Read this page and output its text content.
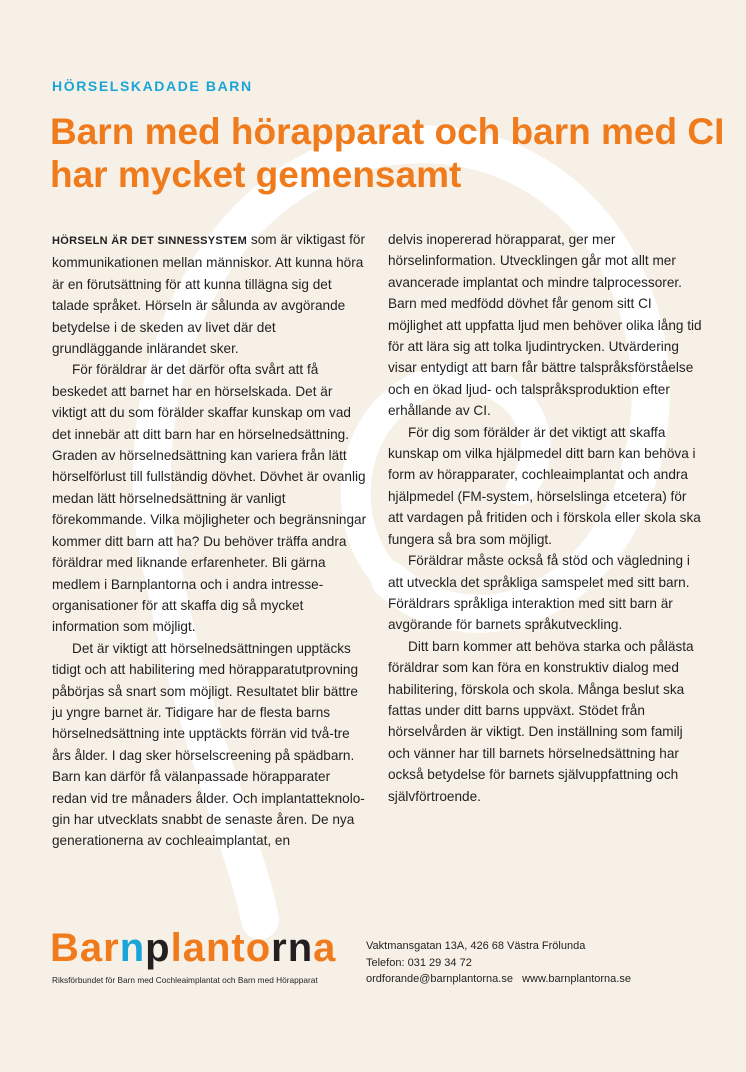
HÖRSELSKADADE BARN
Barn med hörapparat och barn med CI har mycket gemensamt

HÖRSELN ÄR DET SINNESSYSTEM som är viktigast för kommunikationen mellan människor. Att kunna höra är en förutsättning för att kunna tillägna sig det talade språket. Hörseln är sålunda av avgörande betydelse i de skeden av livet där det grundläggande inlärandet sker.

För föräldrar är det därför ofta svårt att få beskedet att barnet har en hörselskada. Det är viktigt att du som förälder skaffar kunskap om vad det innebär att ditt barn har en hörselnedsättning. Graden av hörselnedsättning kan variera från lätt hörselförlust till fullständig dövhet. Dövhet är ovanlig medan lätt hörselnedsättning är vanligt förekommande. Vilka möjligheter och begränsningar kommer ditt barn att ha? Du behöver träffa andra föräldrar med liknande erfarenheter. Bli gärna medlem i Barnplantorna och i andra intresseorganisationer för att skaffa dig så mycket information som möjligt.

Det är viktigt att hörselnedsättningen upptäcks tidigt och att habilitering med hörapparatutprovning påbörjas så snart som möjligt. Resultatet blir bättre ju yngre barnet är. Tidigare har de flesta barns hörselnedsättning inte upptäckts förrän vid två-tre års ålder. I dag sker hörselscreening på spädbarn. Barn kan därför få välanpassade hörapparater redan vid tre månaders ålder. Och implantatteknologin har utvecklats snabbt de senaste åren. De nya generationerna av cochleaimplantat, en

delvis inopererad hörapparat, ger mer hörselinformation. Utvecklingen går mot allt mer avancerade implantat och mindre talprocessorer. Barn med medfödd dövhet får genom sitt CI möjlighet att uppfatta ljud men behöver olika lång tid för att lära sig att tolka ljudintrycken. Utvärdering visar entydigt att barn får bättre talspråksförståelse och en ökad ljud- och talspråksproduktion efter erhållande av CI.

För dig som förälder är det viktigt att skaffa kunskap om vilka hjälpmedel ditt barn kan behöva i form av hörapparater, cochleaimplantat och andra hjälpmedel (FM-system, hörselslinga etcetera) för att vardagen på fritiden och i förskola eller skola ska fungera så bra som möjligt.

Föräldrar måste också få stöd och vägledning i att utveckla det språkliga samspelet med sitt barn. Föräldrars språkliga interaktion med sitt barn är avgörande för barnets språkutveckling.

Ditt barn kommer att behöva starka och pålästa föräldrar som kan föra en konstruktiv dialog med habilitering, förskola och skola. Många beslut ska fattas under ditt barns uppväxt. Stödet från hörselvården är viktigt. Den inställning som familj och vänner har till barnets hörselnedsättning har också betydelse för barnets självuppfattning och självförtroende.

Barnplantorna
Riksförbundet för Barn med Cochleaimplantat och Barn med Hörapparat
Vaktmansgatan 13A, 426 68 Västra Frölunda
Telefon: 031 29 34 72
ordforande@barnplantorna.se www.barnplantorna.se
